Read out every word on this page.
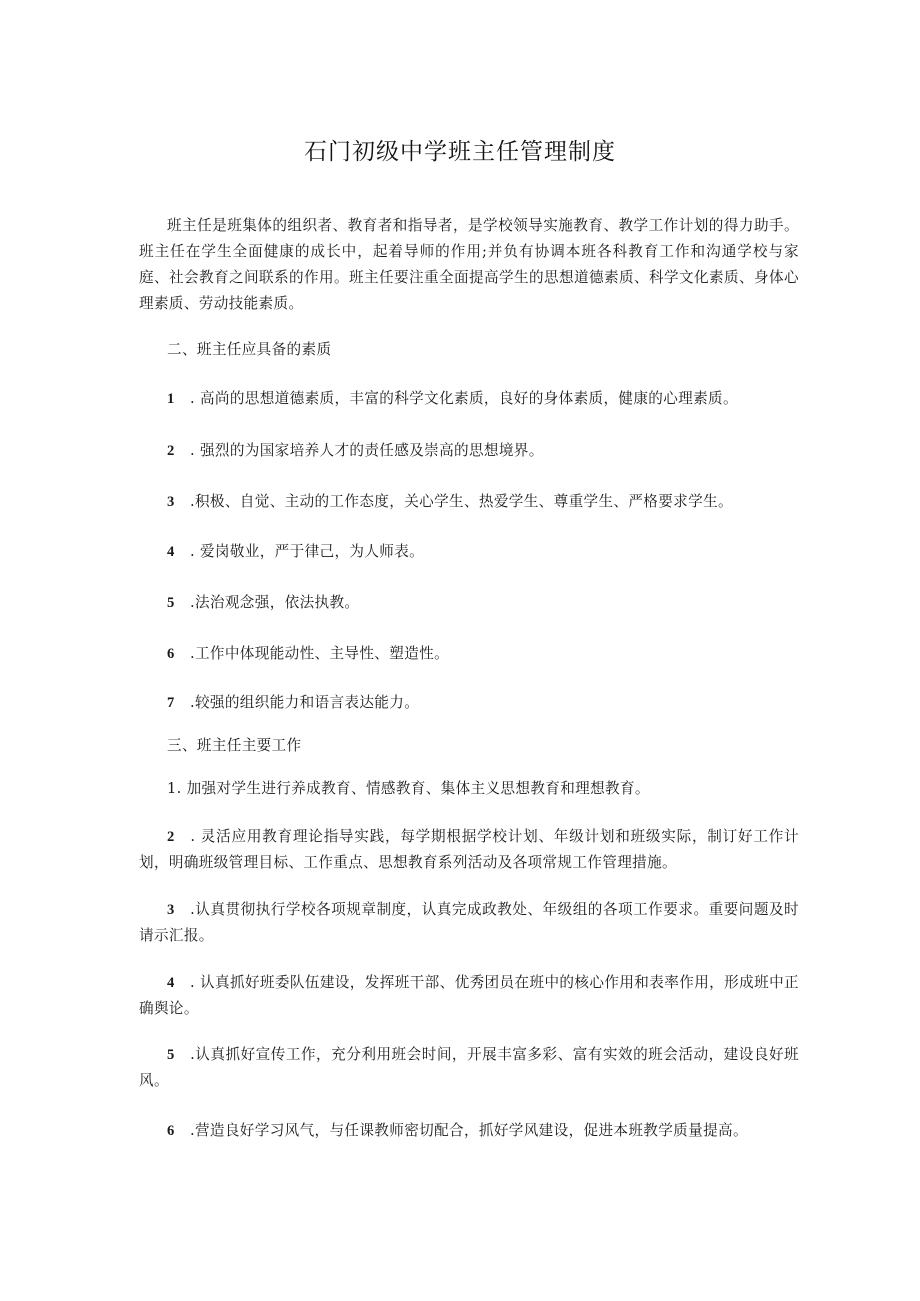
石门初级中学班主任管理制度
班主任是班集体的组织者、教育者和指导者，是学校领导实施教育、教学工作计划的得力助手。班主任在学生全面健康的成长中，起着导师的作用;并负有协调本班各科教育工作和沟通学校与家庭、社会教育之间联系的作用。班主任要注重全面提高学生的思想道德素质、科学文化素质、身体心理素质、劳动技能素质。
二、班主任应具备的素质
1 . 高尚的思想道德素质，丰富的科学文化素质，良好的身体素质，健康的心理素质。
2 . 强烈的为国家培养人才的责任感及崇高的思想境界。
3 .积极、自觉、主动的工作态度，关心学生、热爱学生、尊重学生、严格要求学生。
4 . 爱岗敬业，严于律己，为人师表。
5 .法治观念强，依法执教。
6 .工作中体现能动性、主导性、塑造性。
7 .较强的组织能力和语言表达能力。
三、班主任主要工作
1. 加强对学生进行养成教育、情感教育、集体主义思想教育和理想教育。
2 . 灵活应用教育理论指导实践，每学期根据学校计划、年级计划和班级实际，制订好工作计划，明确班级管理目标、工作重点、思想教育系列活动及各项常规工作管理措施。
3 .认真贯彻执行学校各项规章制度，认真完成政教处、年级组的各项工作要求。重要问题及时请示汇报。
4 . 认真抓好班委队伍建设，发挥班干部、优秀团员在班中的核心作用和表率作用，形成班中正确舆论。
5 .认真抓好宣传工作，充分利用班会时间，开展丰富多彩、富有实效的班会活动，建设良好班风。
6 .营造良好学习风气，与任课教师密切配合，抓好学风建设，促进本班教学质量提高。
